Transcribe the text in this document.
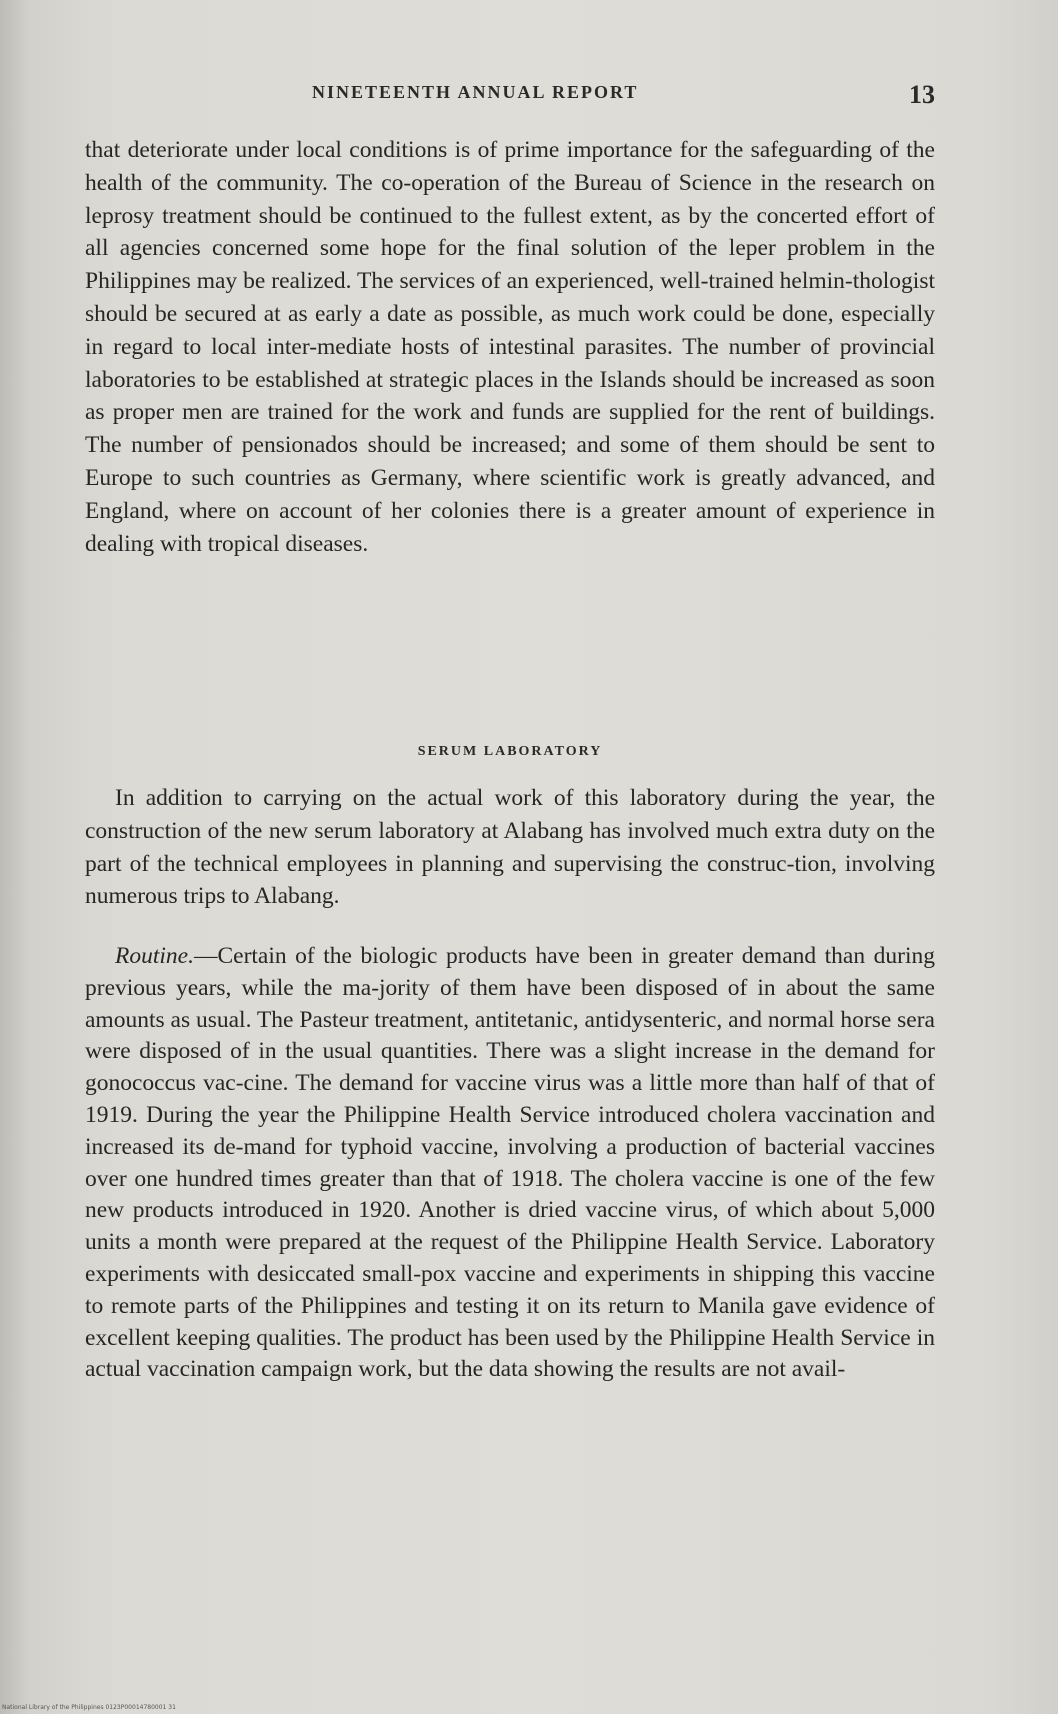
NINETEENTH ANNUAL REPORT	13

that deteriorate under local conditions is of prime importance for the safeguarding of the health of the community. The co-operation of the Bureau of Science in the research on leprosy treatment should be continued to the fullest extent, as by the concerted effort of all agencies concerned some hope for the final solution of the leper problem in the Philippines may be realized. The services of an experienced, well-trained helmin-thologist should be secured at as early a date as possible, as much work could be done, especially in regard to local inter-mediate hosts of intestinal parasites. The number of provincial laboratories to be established at strategic places in the Islands should be increased as soon as proper men are trained for the work and funds are supplied for the rent of buildings. The number of pensionados should be increased; and some of them should be sent to Europe to such countries as Germany, where scientific work is greatly advanced, and England, where on account of her colonies there is a greater amount of experience in dealing with tropical diseases.

SERUM LABORATORY

In addition to carrying on the actual work of this laboratory during the year, the construction of the new serum laboratory at Alabang has involved much extra duty on the part of the technical employees in planning and supervising the construc-tion, involving numerous trips to Alabang.

Routine.—Certain of the biologic products have been in greater demand than during previous years, while the ma-jority of them have been disposed of in about the same amounts as usual. The Pasteur treatment, antitetanic, antidysenteric, and normal horse sera were disposed of in the usual quantities. There was a slight increase in the demand for gonococcus vac-cine. The demand for vaccine virus was a little more than half of that of 1919. During the year the Philippine Health Service introduced cholera vaccination and increased its de-mand for typhoid vaccine, involving a production of bacterial vaccines over one hundred times greater than that of 1918. The cholera vaccine is one of the few new products introduced in 1920. Another is dried vaccine virus, of which about 5,000 units a month were prepared at the request of the Philippine Health Service. Laboratory experiments with desiccated small-pox vaccine and experiments in shipping this vaccine to remote parts of the Philippines and testing it on its return to Manila gave evidence of excellent keeping qualities. The product has been used by the Philippine Health Service in actual vaccination campaign work, but the data showing the results are not avail-

National Library of the Philippines 0123P00014780001 31
